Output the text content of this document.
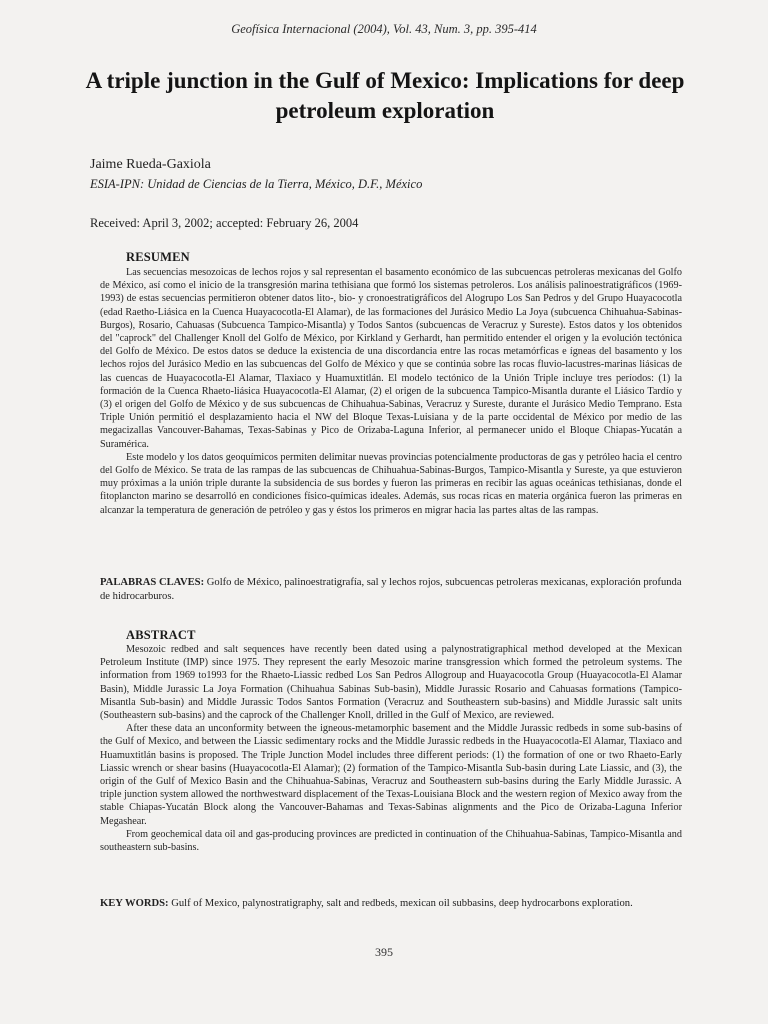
Geofísica Internacional (2004), Vol. 43, Num. 3, pp. 395-414
A triple junction in the Gulf of Mexico: Implications for deep petroleum exploration
Jaime Rueda-Gaxiola
ESIA-IPN: Unidad de Ciencias de la Tierra, México, D.F., México
Received: April 3, 2002; accepted: February 26, 2004
RESUMEN

Las secuencias mesozoicas de lechos rojos y sal representan el basamento económico de las subcuencas petroleras mexicanas del Golfo de México, así como el inicio de la transgresión marina tethisiana que formó los sistemas petroleros. Los análisis palinoestratigráficos (1969-1993) de estas secuencias permitieron obtener datos lito-, bio- y cronoestratigráficos del Alogrupo Los San Pedros y del Grupo Huayacocotla (edad Raetho-Liásica en la Cuenca Huayacocotla-El Alamar), de las formaciones del Jurásico Medio La Joya (subcuenca Chihuahua-Sabinas-Burgos), Rosario, Cahuasas (Subcuenca Tampico-Misantla) y Todos Santos (subcuencas de Veracruz y Sureste). Estos datos y los obtenidos del "caprock" del Challenger Knoll del Golfo de México, por Kirkland y Gerhardt, han permitido entender el origen y la evolución tectónica del Golfo de México. De estos datos se deduce la existencia de una discordancia entre las rocas metamórficas e ígneas del basamento y los lechos rojos del Jurásico Medio en las subcuencas del Golfo de México y que se continúa sobre las rocas fluvio-lacustres-marinas liásicas de las cuencas de Huayacocotla-El Alamar, Tlaxiaco y Huamuxtitlán. El modelo tectónico de la Unión Triple incluye tres períodos: (1) la formación de la Cuenca Rhaeto-liásica Huayacocotla-El Alamar, (2) el origen de la subcuenca Tampico-Misantla durante el Liásico Tardío y (3) el origen del Golfo de México y de sus subcuencas de Chihuahua-Sabinas, Veracruz y Sureste, durante el Jurásico Medio Temprano. Esta Triple Unión permitió el desplazamiento hacia el NW del Bloque Texas-Luisiana y de la parte occidental de México por medio de las megacizallas Vancouver-Bahamas, Texas-Sabinas y Pico de Orizaba-Laguna Inferior, al permanecer unido el Bloque Chiapas-Yucatán a Suramérica.

Este modelo y los datos geoquímicos permiten delimitar nuevas provincias potencialmente productoras de gas y petróleo hacia el centro del Golfo de México. Se trata de las rampas de las subcuencas de Chihuahua-Sabinas-Burgos, Tampico-Misantla y Sureste, ya que estuvieron muy próximas a la unión triple durante la subsidencia de sus bordes y fueron las primeras en recibir las aguas oceánicas tethisianas, donde el fitoplancton marino se desarrolló en condiciones físico-químicas ideales. Además, sus rocas ricas en materia orgánica fueron las primeras en alcanzar la temperatura de generación de petróleo y gas y éstos los primeros en migrar hacia las partes altas de las rampas.

PALABRAS CLAVES: Golfo de México, palinoestratigrafía, sal y lechos rojos, subcuencas petroleras mexicanas, exploración profunda de hidrocarburos.
ABSTRACT

Mesozoic redbed and salt sequences have recently been dated using a palynostratigraphical method developed at the Mexican Petroleum Institute (IMP) since 1975. They represent the early Mesozoic marine transgression which formed the petroleum systems. The information from 1969 to1993 for the Rhaeto-Liassic redbed Los San Pedros Allogroup and Huayacocotla Group (Huayacocotla-El Alamar Basin), Middle Jurassic La Joya Formation (Chihuahua Sabinas Sub-basin), Middle Jurassic Rosario and Cahuasas formations (Tampico-Misantla Sub-basin) and Middle Jurassic Todos Santos Formation (Veracruz and Southeastern sub-basins) and Middle Jurassic salt units (Southeastern sub-basins) and the caprock of the Challenger Knoll, drilled in the Gulf of Mexico, are reviewed.

After these data an unconformity between the igneous-metamorphic basement and the Middle Jurassic redbeds in some sub-basins of the Gulf of Mexico, and between the Liassic sedimentary rocks and the Middle Jurassic redbeds in the Huayacocotla-El Alamar, Tlaxiaco and Huamuxtitlán basins is proposed. The Triple Junction Model includes three different periods: (1) the formation of one or two Rhaeto-Early Liassic wrench or shear basins (Huayacocotla-El Alamar); (2) formation of the Tampico-Misantla Sub-basin during Late Liassic, and (3), the origin of the Gulf of Mexico Basin and the Chihuahua-Sabinas, Veracruz and Southeastern sub-basins during the Early Middle Jurassic. A triple junction system allowed the northwestward displacement of the Texas-Louisiana Block and the western region of Mexico away from the stable Chiapas-Yucatán Block along the Vancouver-Bahamas and Texas-Sabinas alignments and the Pico de Orizaba-Laguna Inferior Megashear.

From geochemical data oil and gas-producing provinces are predicted in continuation of the Chihuahua-Sabinas, Tampico-Misantla and southeastern sub-basins.

KEY WORDS: Gulf of Mexico, palynostratigraphy, salt and redbeds, mexican oil subbasins, deep hydrocarbons exploration.
395
